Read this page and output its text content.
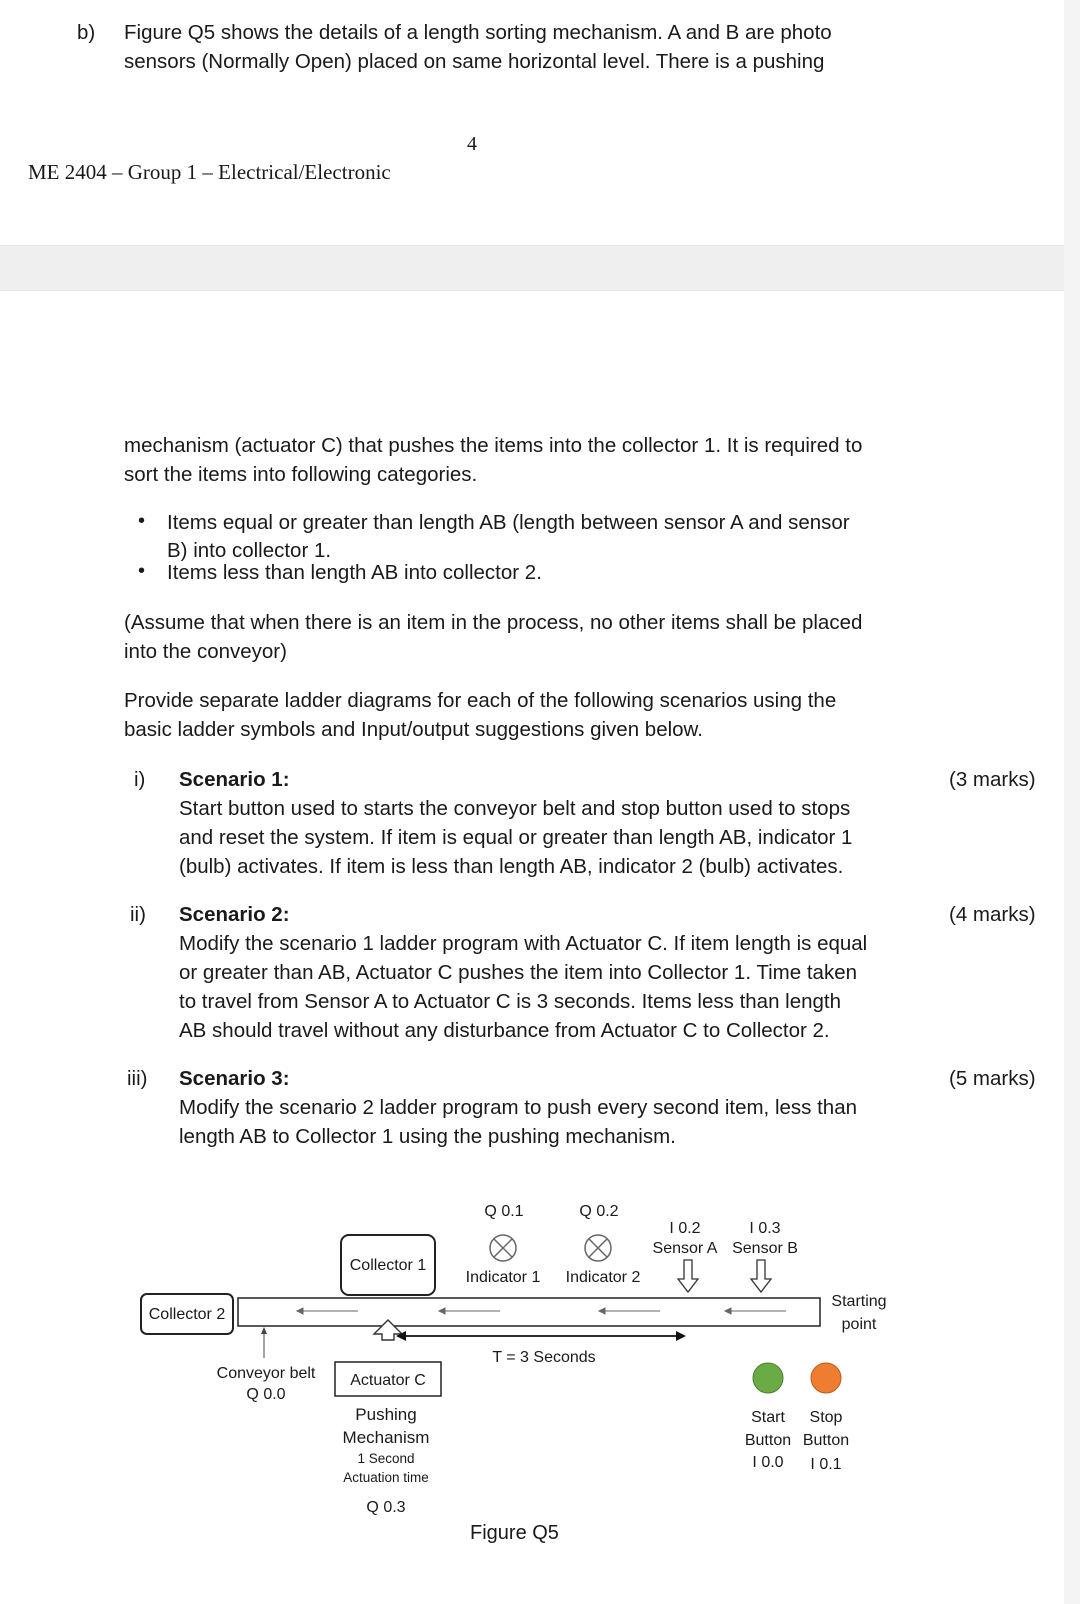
b) Figure Q5 shows the details of a length sorting mechanism. A and B are photo
sensors (Normally Open) placed on same horizontal level. There is a pushing
4
ME 2404 – Group 1 – Electrical/Electronic
mechanism (actuator C) that pushes the items into the collector 1. It is required to
sort the items into following categories.
• Items equal or greater than length AB (length between sensor A and sensor
B) into collector 1.
• Items less than length AB into collector 2.
(Assume that when there is an item in the process, no other items shall be placed
into the conveyor)
Provide separate ladder diagrams for each of the following scenarios using the
basic ladder symbols and Input/output suggestions given below.
i) Scenario 1:	(3 marks)
Start button used to starts the conveyor belt and stop button used to stops
and reset the system. If item is equal or greater than length AB, indicator 1
(bulb) activates. If item is less than length AB, indicator 2 (bulb) activates.
ii) Scenario 2:	(4 marks)
Modify the scenario 1 ladder program with Actuator C. If item length is equal
or greater than AB, Actuator C pushes the item into Collector 1. Time taken
to travel from Sensor A to Actuator C is 3 seconds. Items less than length
AB should travel without any disturbance from Actuator C to Collector 2.
iii) Scenario 3:	(5 marks)
Modify the scenario 2 ladder program to push every second item, less than
length AB to Collector 1 using the pushing mechanism.
Q 0.1	Q 0.2
Indicator 1 Indicator 2
I 0.2	I 0.3
Sensor A Sensor B
Collector 1
Collector 2
Starting
point
T = 3 Seconds
Conveyor belt
Q 0.0
Actuator C
Pushing
Mechanism
1 Second
Actuation time
Q 0.3
Start
Button
I 0.0
Stop
Button
I 0.1
Figure Q5
